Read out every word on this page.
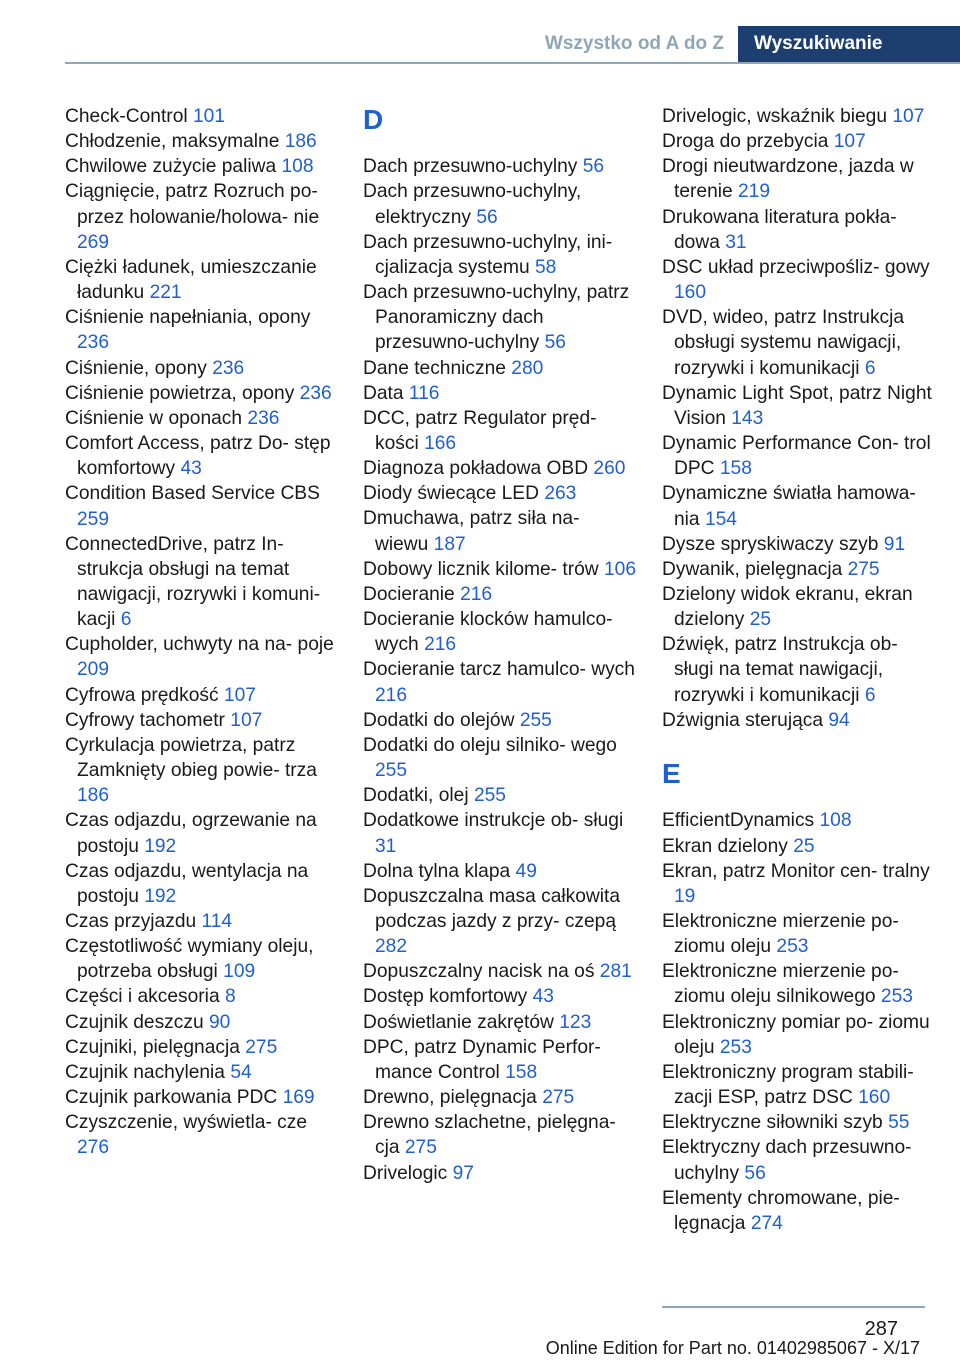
Wszystko od A do Z	Wyszukiwanie
Check-Control 101
Chłodzenie, maksymalne 186
Chwilowe zużycie paliwa 108
Ciągnięcie, patrz Rozruch po‐ przez holowanie/holowa‐ nie 269
Ciężki ładunek, umieszczanie ładunku 221
Ciśnienie napełniania, opony 236
Ciśnienie, opony 236
Ciśnienie powietrza, opony 236
Ciśnienie w oponach 236
Comfort Access, patrz Do‐ stęp komfortowy 43
Condition Based Service CBS 259
ConnectedDrive, patrz In‐ strukcja obsługi na temat nawigacji, rozrywki i komuni‐ kacji 6
Cupholder, uchwyty na na‐ poje 209
Cyfrowa prędkość 107
Cyfrowy tachometr 107
Cyrkulacja powietrza, patrz Zamknięty obieg powie‐ trza 186
Czas odjazdu, ogrzewanie na postoju 192
Czas odjazdu, wentylacja na postoju 192
Czas przyjazdu 114
Częstotliwość wymiany oleju, potrzeba obsługi 109
Części i akcesoria 8
Czujnik deszczu 90
Czujniki, pielęgnacja 275
Czujnik nachylenia 54
Czujnik parkowania PDC 169
Czyszczenie, wyświetla‐ cze 276
D
Dach przesuwno-uchylny 56
Dach przesuwno-uchylny, elektryczny 56
Dach przesuwno-uchylny, ini‐ cjalizacja systemu 58
Dach przesuwno-uchylny, patrz Panoramiczny dach przesuwno-uchylny 56
Dane techniczne 280
Data 116
DCC, patrz Regulator pręd‐ kości 166
Diagnoza pokładowa OBD 260
Diody świecące LED 263
Dmuchawa, patrz siła na‐ wiewu 187
Dobowy licznik kilome‐ trów 106
Docieranie 216
Docieranie klocków hamulco‐ wych 216
Docieranie tarcz hamulco‐ wych 216
Dodatki do olejów 255
Dodatki do oleju silniko‐ wego 255
Dodatki, olej 255
Dodatkowe instrukcje ob‐ sługi 31
Dolna tylna klapa 49
Dopuszczalna masa całkowita podczas jazdy z przy‐ czepą 282
Dopuszczalny nacisk na oś 281
Dostęp komfortowy 43
Doświetlanie zakrętów 123
DPC, patrz Dynamic Perfor‐ mance Control 158
Drewno, pielęgnacja 275
Drewno szlachetne, pielęgna‐ cja 275
Drivelogic 97
Drivelogic, wskaźnik biegu 107
Droga do przebycia 107
Drogi nieutwardzone, jazda w terenie 219
Drukowana literatura pokła‐ dowa 31
DSC układ przeciwpośliz‐ gowy 160
DVD, wideo, patrz Instrukcja obsługi systemu nawigacji, rozrywki i komunikacji 6
Dynamic Light Spot, patrz Night Vision 143
Dynamic Performance Con‐ trol DPC 158
Dynamiczne światła hamowa‐ nia 154
Dysze spryskiwaczy szyb 91
Dywanik, pielęgnacja 275
Dzielony widok ekranu, ekran dzielony 25
Dźwięk, patrz Instrukcja ob‐ sługi na temat nawigacji, rozrywki i komunikacji 6
Dźwignia sterująca 94
E
EfficientDynamics 108
Ekran dzielony 25
Ekran, patrz Monitor cen‐ tralny 19
Elektroniczne mierzenie po‐ ziomu oleju 253
Elektroniczne mierzenie po‐ ziomu oleju silnikowego 253
Elektroniczny pomiar po‐ ziomu oleju 253
Elektroniczny program stabili‐ zacji ESP, patrz DSC 160
Elektryczne siłowniki szyb 55
Elektryczny dach przesuwno- uchylny 56
Elementy chromowane, pie‐ lęgnacja 274
287
Online Edition for Part no. 01402985067 - X/17
